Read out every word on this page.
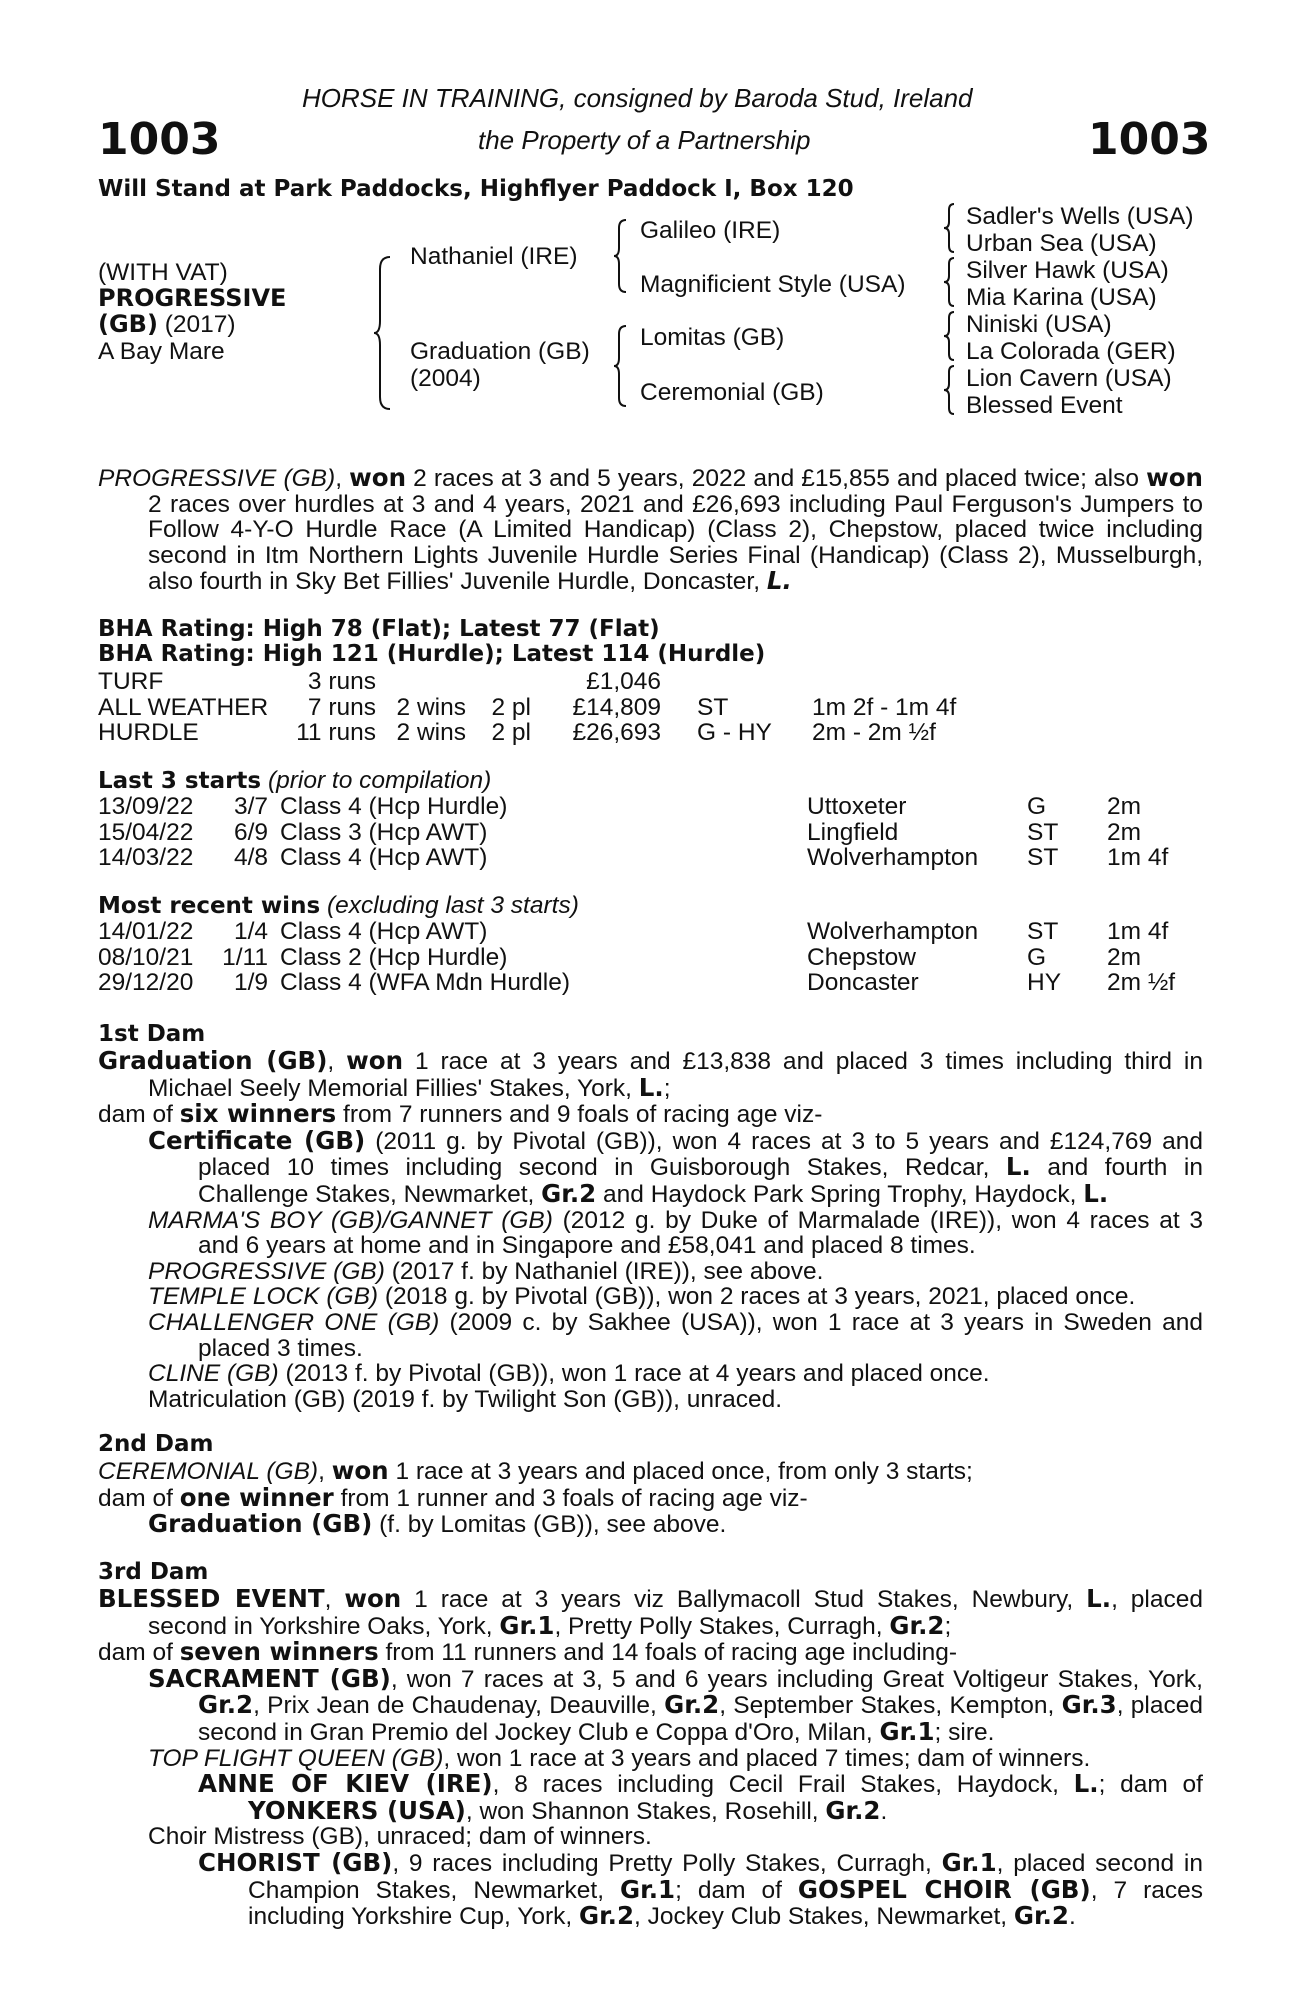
HORSE IN TRAINING, consigned by Baroda Stud, Ireland
the Property of a Partnership
1003	1003
Will Stand at Park Paddocks, Highflyer Paddock I, Box 120
(WITH VAT)
PROGRESSIVE
(GB) (2017)
A Bay Mare
Nathaniel (IRE)
Graduation (GB)
(2004)
Galileo (IRE)
Magnificient Style (USA)
Lomitas (GB)
Ceremonial (GB)
Sadler's Wells (USA)
Urban Sea (USA)
Silver Hawk (USA)
Mia Karina (USA)
Niniski (USA)
La Colorada (GER)
Lion Cavern (USA)
Blessed Event

PROGRESSIVE (GB), won 2 races at 3 and 5 years, 2022 and £15,855 and placed twice; also won 2 races over hurdles at 3 and 4 years, 2021 and £26,693 including Paul Ferguson's Jumpers to Follow 4-Y-O Hurdle Race (A Limited Handicap) (Class 2), Chepstow, placed twice including second in Itm Northern Lights Juvenile Hurdle Series Final (Handicap) (Class 2), Musselburgh, also fourth in Sky Bet Fillies' Juvenile Hurdle, Doncaster, L.

BHA Rating: High 78 (Flat); Latest 77 (Flat)
BHA Rating: High 121 (Hurdle); Latest 114 (Hurdle)
TURF	3 runs			£1,046		
ALL WEATHER	7 runs	2 wins	2 pl	£14,809	ST	1m 2f - 1m 4f
HURDLE	11 runs	2 wins	2 pl	£26,693	G - HY	2m - 2m ½f
Last 3 starts (prior to compilation)
13/09/22	3/7	Class 4 (Hcp Hurdle)	Uttoxeter	G	2m
15/04/22	6/9	Class 3 (Hcp AWT)	Lingfield	ST	2m
14/03/22	4/8	Class 4 (Hcp AWT)	Wolverhampton	ST	1m 4f
Most recent wins (excluding last 3 starts)
14/01/22	1/4	Class 4 (Hcp AWT)	Wolverhampton	ST	1m 4f
08/10/21	1/11	Class 2 (Hcp Hurdle)	Chepstow	G	2m
29/12/20	1/9	Class 4 (WFA Mdn Hurdle)	Doncaster	HY	2m ½f
1st Dam

Graduation (GB), won 1 race at 3 years and £13,838 and placed 3 times including third in Michael Seely Memorial Fillies' Stakes, York, L.;

dam of six winners from 7 runners and 9 foals of racing age viz-

Certificate (GB) (2011 g. by Pivotal (GB)), won 4 races at 3 to 5 years and £124,769 and placed 10 times including second in Guisborough Stakes, Redcar, L. and fourth in Challenge Stakes, Newmarket, Gr.2 and Haydock Park Spring Trophy, Haydock, L.

MARMA'S BOY (GB)/GANNET (GB) (2012 g. by Duke of Marmalade (IRE)), won 4 races at 3 and 6 years at home and in Singapore and £58,041 and placed 8 times.

PROGRESSIVE (GB) (2017 f. by Nathaniel (IRE)), see above.

TEMPLE LOCK (GB) (2018 g. by Pivotal (GB)), won 2 races at 3 years, 2021, placed once.

CHALLENGER ONE (GB) (2009 c. by Sakhee (USA)), won 1 race at 3 years in Sweden and placed 3 times.

CLINE (GB) (2013 f. by Pivotal (GB)), won 1 race at 4 years and placed once.

Matriculation (GB) (2019 f. by Twilight Son (GB)), unraced.

2nd Dam

CEREMONIAL (GB), won 1 race at 3 years and placed once, from only 3 starts;

dam of one winner from 1 runner and 3 foals of racing age viz-

Graduation (GB) (f. by Lomitas (GB)), see above.

3rd Dam

BLESSED EVENT, won 1 race at 3 years viz Ballymacoll Stud Stakes, Newbury, L., placed second in Yorkshire Oaks, York, Gr.1, Pretty Polly Stakes, Curragh, Gr.2;

dam of seven winners from 11 runners and 14 foals of racing age including-

SACRAMENT (GB), won 7 races at 3, 5 and 6 years including Great Voltigeur Stakes, York, Gr.2, Prix Jean de Chaudenay, Deauville, Gr.2, September Stakes, Kempton, Gr.3, placed second in Gran Premio del Jockey Club e Coppa d'Oro, Milan, Gr.1; sire.

TOP FLIGHT QUEEN (GB), won 1 race at 3 years and placed 7 times; dam of winners.

ANNE OF KIEV (IRE), 8 races including Cecil Frail Stakes, Haydock, L.; dam of YONKERS (USA), won Shannon Stakes, Rosehill, Gr.2.

Choir Mistress (GB), unraced; dam of winners.

CHORIST (GB), 9 races including Pretty Polly Stakes, Curragh, Gr.1, placed second in Champion Stakes, Newmarket, Gr.1; dam of GOSPEL CHOIR (GB), 7 races including Yorkshire Cup, York, Gr.2, Jockey Club Stakes, Newmarket, Gr.2.
